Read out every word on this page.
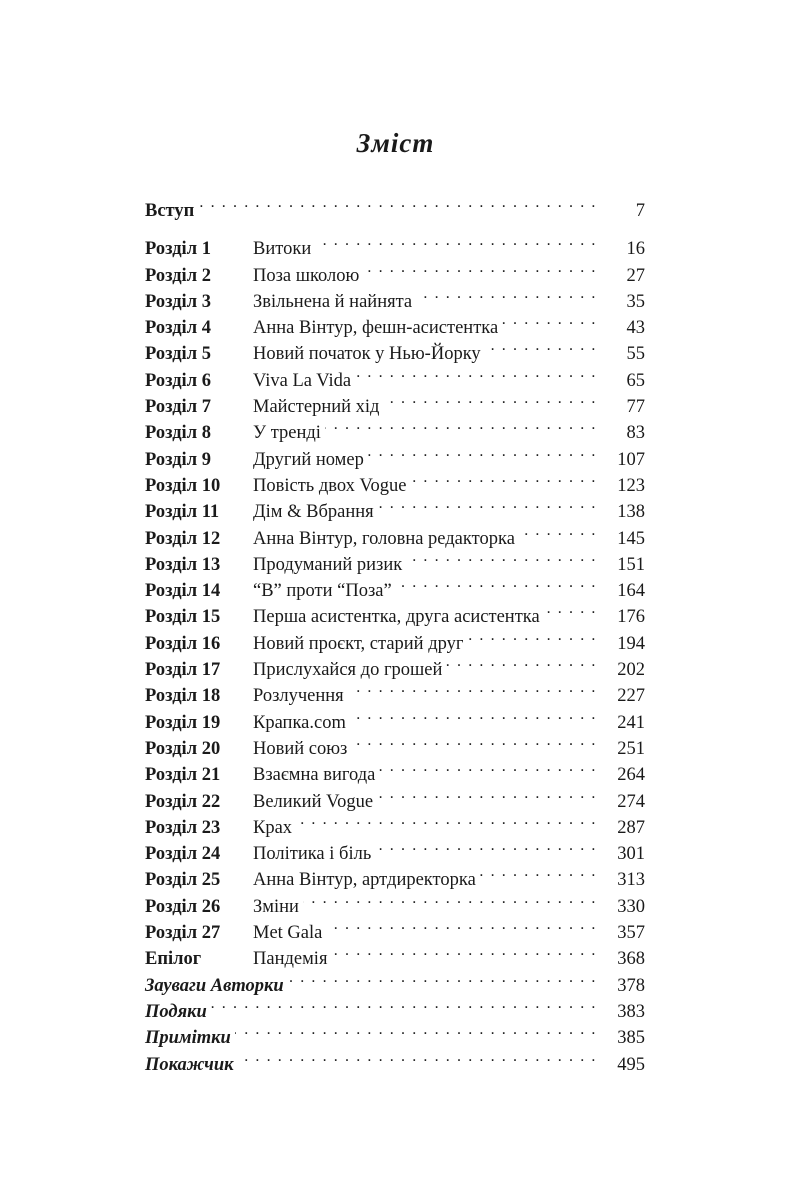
Зміст
Вступ . . .	7
Розділ 1	Витоки . . .	16
Розділ 2	Поза школою . . .	27
Розділ 3	Звільнена й найнята . . .	35
Розділ 4	Анна Вінтур, фешн-асистентка . . .	43
Розділ 5	Новий початок у Нью-Йорку . . .	55
Розділ 6	Viva La Vida . . .	65
Розділ 7	Майстерний хід . . .	77
Розділ 8	У тренді . . .	83
Розділ 9	Другий номер . . .	107
Розділ 10	Повість двох Vogue . . .	123
Розділ 11	Дім & Вбрання . . .	138
Розділ 12	Анна Вінтур, головна редакторка . . .	145
Розділ 13	Продуманий ризик . . .	151
Розділ 14	“В” проти “Поза” . . .	164
Розділ 15	Перша асистентка, друга асистентка . . .	176
Розділ 16	Новий проєкт, старий друг . . .	194
Розділ 17	Прислухайся до грошей . . .	202
Розділ 18	Розлучення . . .	227
Розділ 19	Крапка.com . . .	241
Розділ 20	Новий союз . . .	251
Розділ 21	Взаємна вигода . . .	264
Розділ 22	Великий Vogue . . .	274
Розділ 23	Крах . . .	287
Розділ 24	Політика і біль . . .	301
Розділ 25	Анна Вінтур, артдиректорка . . .	313
Розділ 26	Зміни . . .	330
Розділ 27	Met Gala . . .	357
Епілог	Пандемія . . .	368
Зауваги Авторки . . .	378
Подяки . . .	383
Примітки . . .	385
Покажчик . . .	495
